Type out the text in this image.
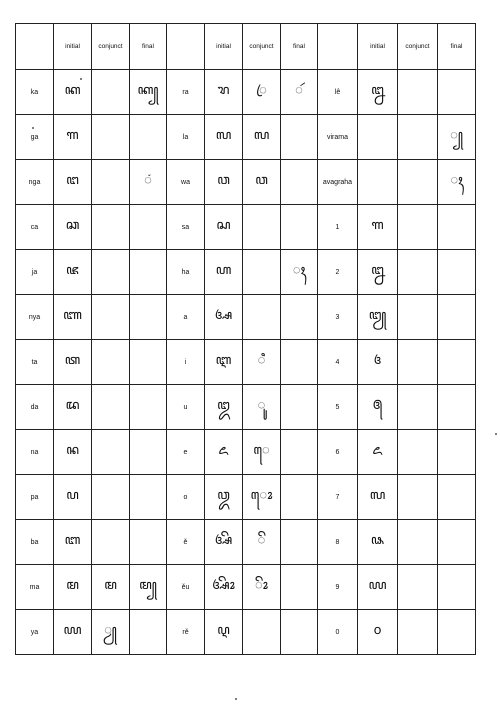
	initial	conjunct	final		initial	conjunct	final		initial	conjunct	final
ka	ꦏ		ꦏ꧀	ra	ꦫ	ꦿ	ꦂ	lê	ꦊ		
ga	ꦒ			la	ꦭ	ꦭ		virama			꧀
nga	ꦔ		ꦁ	wa	ꦮ	ꦮ		avagraha			ꦃ
ca	ꦕ			sa	ꦱ			1	꧑		
ja	ꦗ			ha	ꦲ		ꦃ	2	꧒		
nya	ꦚ			a	ꦄ			3	꧓		
ta	ꦠ			i	ꦆ	ꦶ		4	꧔		
da	ꦢ			u	ꦈ	ꦸ		5	꧕		
na	ꦤ			e	ꦌ	ꦺ		6	꧖		
pa	ꦥ			o	ꦎ	ꦺꦴ		7	꧗		
ba	ꦧ			ě	ꦄꦼ	ꦼ		8	꧘		
ma	ꦩ	ꦩ	ꦩ꧀	ěu	ꦄꦼꦴ	ꦼꦴ		9	꧙		
ya	ꦪ	ꦾ		rě	ꦉ			0	꧐		
